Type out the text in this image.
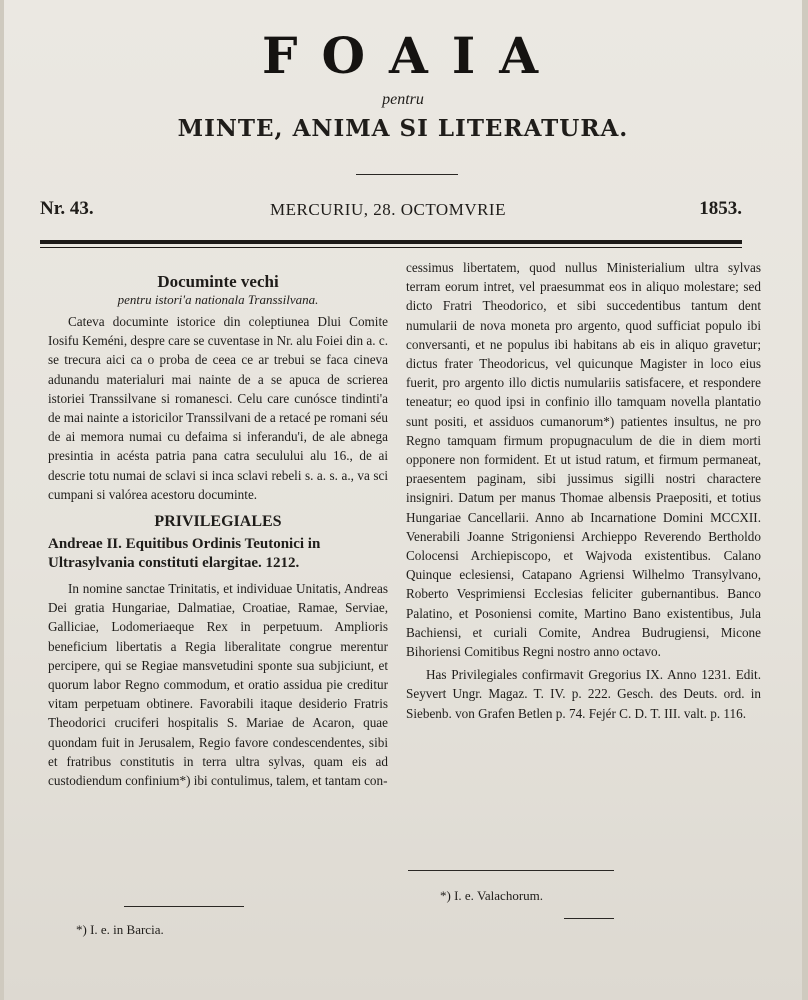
FOAIA
pentru
MINTE, ANIMA SI LITERATURA.
Nr. 43.	MERCURIU, 28. OCTOMVRIE	1853.
Documinte vechi
pentru istori'a nationala Transsilvana.

Cateva documinte istorice din coleptiunea Dlui Comite Iosifu Keméni, despre care se cuventase in Nr. alu Foiei din a. c. se trecura aici ca o proba de ceea ce ar trebui se faca cineva adunandu materialuri mai nainte de a se apuca de scrierea istoriei Transsilvane si romanesci. Celu care cunósce tindinti'a de mai nainte a istoricilor Transsilvani de a retacé pe romani séu de ai memora numai cu defaima si inferandu'i, de ale abnega presintia in acésta patria pana catra seculului alu 16., de ai descrie totu numai de sclavi si inca sclavi rebeli s. a. s. a., va sci cumpani si valórea acestoru documinte.

PRIVILEGIALES
Andreae II. Equitibus Ordinis Teutonici in Ultrasylvania constituti elargitae. 1212.

In nomine sanctae Trinitatis, et individuae Unitatis, Andreas Dei gratia Hungariae, Dalmatiae, Croatiae, Ramae, Serviae, Galliciae, Lodomeriaeque Rex in perpetuum. Amplioris beneficium libertatis a Regia liberalitate congrue merentur percipere, qui se Regiae mansvetudini sponte sua subjiciunt, et quorum labor Regno commodum, et oratio assidua pie creditur vitam perpetuam obtinere. Favorabili itaque desiderio Fratris Theodorici cruciferi hospitalis S. Mariae de Acaron, quae quondam fuit in Jerusalem, Regio favore condescendentes, sibi et fratribus constitutis in terra ultra sylvas, quam eis ad custodiendum confinium*) ibi contulimus, talem, et tantam con-

cessimus libertatem, quod nullus Ministerialium ultra sylvas terram eorum intret, vel praesummat eos in aliquo molestare; sed dicto Fratri Theodorico, et sibi succedentibus tantum dent numularii de nova moneta pro argento, quod sufficiat populo ibi conversanti, et ne populus ibi habitans ab eis in aliquo gravetur; dictus frater Theodoricus, vel quicunque Magister in loco eius fuerit, pro argento illo dictis numulariis satisfacere, et respondere teneatur; eo quod ipsi in confinio illo tamquam novella plantatio sunt positi, et assiduos cumanorum*) patientes insultus, ne pro Regno tamquam firmum propugnaculum de die in diem morti opponere non formident. Et ut istud ratum, et firmum permaneat, praesentem paginam, sibi jussimus sigilli nostri charactere insigniri. Datum per manus Thomae albensis Praepositi, et totius Hungariae Cancellarii. Anno ab Incarnatione Domini MCCXII. Venerabili Joanne Strigoniensi Archieppo Reverendo Bertholdo Colocensi Archiepiscopo, et Wajvoda existentibus. Calano Quinque eclesiensi, Catapano Agriensi Wilhelmo Transylvano, Roberto Vesprimiensi Ecclesias feliciter gubernantibus. Banco Palatino, et Posoniensi comite, Martino Bano existentibus, Jula Bachiensi, et curiali Comite, Andrea Budrugiensi, Micone Bihoriensi Comitibus Regni nostro anno octavo.

Has Privilegiales confirmavit Gregorius IX. Anno 1231. Edit. Seyvert Ungr. Magaz. T. IV. p. 222. Gesch. des Deuts. ord. in Siebenb. von Grafen Betlen p. 74. Fejér C. D. T. III. valt. p. 116.

*) I. e. Valachorum.
*) I. e. in Barcia.
